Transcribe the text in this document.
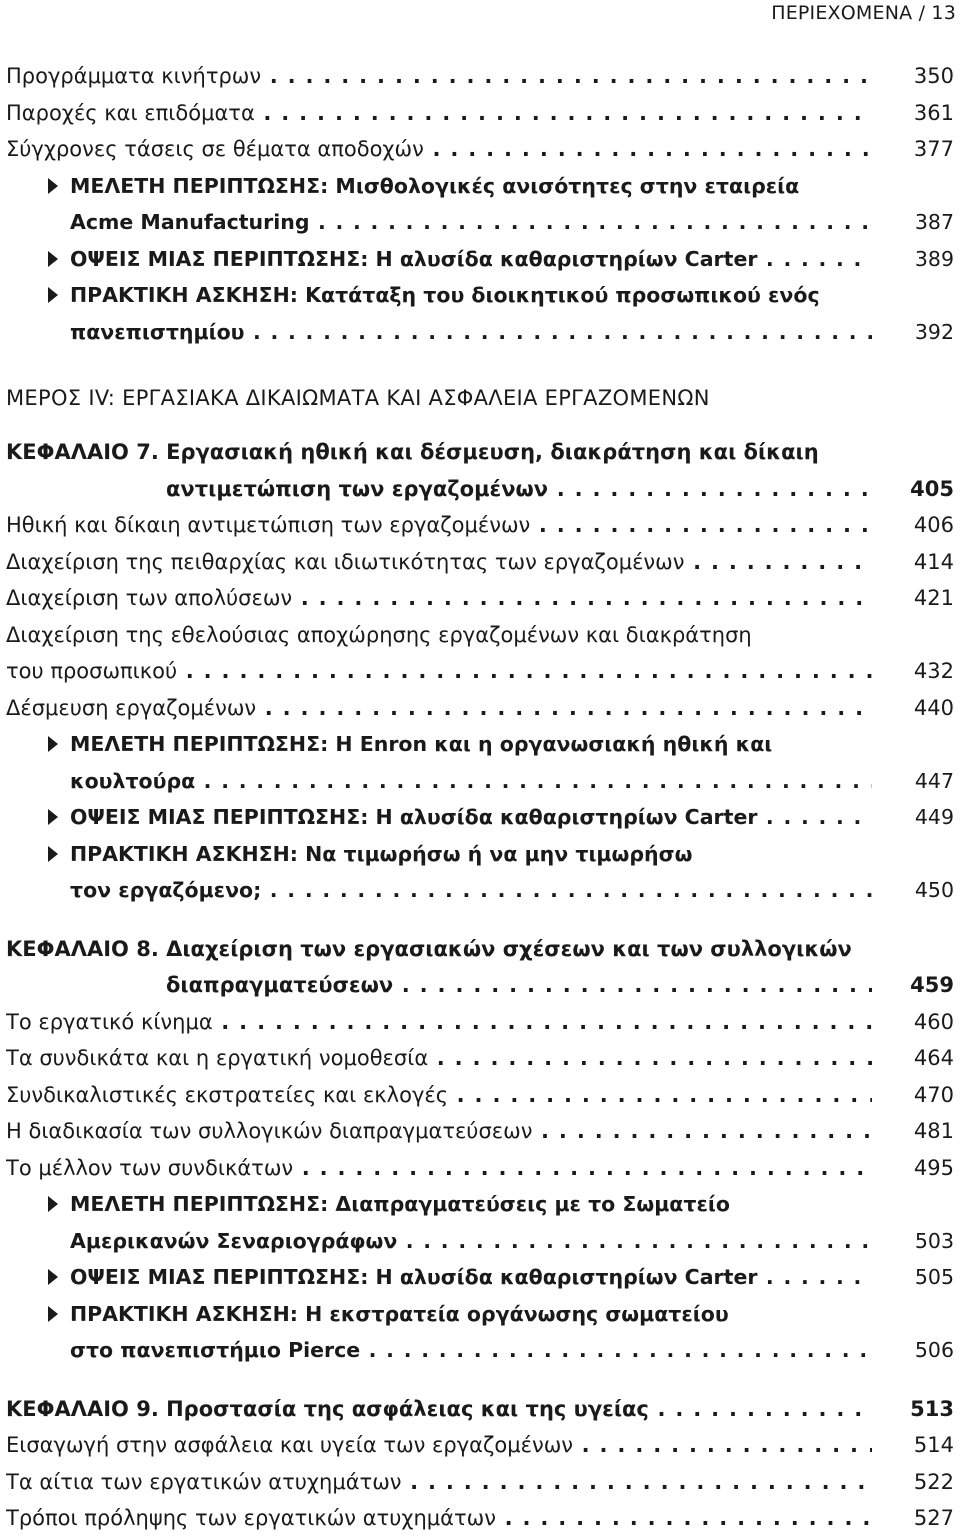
ΠΕΡΙΕΧΟΜΕΝΑ / 13
Προγράμματα κινήτρων . . .	350
Παροχές και επιδόματα . . .	361
Σύγχρονες τάσεις σε θέματα αποδοχών . . .	377
ΜΕΛΕΤΗ ΠΕΡΙΠΤΩΣΗΣ: Μισθολογικές ανισότητες στην εταιρεία
Acme Manufacturing . . .	387
ΟΨΕΙΣ ΜΙΑΣ ΠΕΡΙΠΤΩΣΗΣ: Η αλυσίδα καθαριστηρίων Carter . . .	389
ΠΡΑΚΤΙΚΗ ΑΣΚΗΣΗ: Κατάταξη του διοικητικού προσωπικού ενός
πανεπιστημίου . . .	392
ΜΕΡΟΣ IV: ΕΡΓΑΣΙΑΚΑ ΔΙΚΑΙΩΜΑΤΑ ΚΑΙ ΑΣΦΑΛΕΙΑ ΕΡΓΑΖΟΜΕΝΩΝ
ΚΕΦΑΛΑΙΟ 7. Εργασιακή ηθική και δέσμευση, διακράτηση και δίκαιη
αντιμετώπιση των εργαζομένων . . .	405
Ηθική και δίκαιη αντιμετώπιση των εργαζομένων . . .	406
Διαχείριση της πειθαρχίας και ιδιωτικότητας των εργαζομένων . . .	414
Διαχείριση των απολύσεων . . .	421
Διαχείριση της εθελούσιας αποχώρησης εργαζομένων και διακράτηση
του προσωπικού . . .	432
Δέσμευση εργαζομένων . . .	440
ΜΕΛΕΤΗ ΠΕΡΙΠΤΩΣΗΣ: Η Enron και η οργανωσιακή ηθική και
κουλτούρα . . .	447
ΟΨΕΙΣ ΜΙΑΣ ΠΕΡΙΠΤΩΣΗΣ: Η αλυσίδα καθαριστηρίων Carter . . .	449
ΠΡΑΚΤΙΚΗ ΑΣΚΗΣΗ: Να τιμωρήσω ή να μην τιμωρήσω
τον εργαζόμενο; . . .	450
ΚΕΦΑΛΑΙΟ 8. Διαχείριση των εργασιακών σχέσεων και των συλλογικών
διαπραγματεύσεων . . .	459
Το εργατικό κίνημα . . .	460
Τα συνδικάτα και η εργατική νομοθεσία . . .	464
Συνδικαλιστικές εκστρατείες και εκλογές . . .	470
Η διαδικασία των συλλογικών διαπραγματεύσεων . . .	481
Το μέλλον των συνδικάτων . . .	495
ΜΕΛΕΤΗ ΠΕΡΙΠΤΩΣΗΣ: Διαπραγματεύσεις με το Σωματείο
Αμερικανών Σεναριογράφων . . .	503
ΟΨΕΙΣ ΜΙΑΣ ΠΕΡΙΠΤΩΣΗΣ: Η αλυσίδα καθαριστηρίων Carter . . .	505
ΠΡΑΚΤΙΚΗ ΑΣΚΗΣΗ: Η εκστρατεία οργάνωσης σωματείου
στο πανεπιστήμιο Pierce . . .	506
ΚΕΦΑΛΑΙΟ 9. Προστασία της ασφάλειας και της υγείας . . .	513
Εισαγωγή στην ασφάλεια και υγεία των εργαζομένων . . .	514
Τα αίτια των εργατικών ατυχημάτων . . .	522
Τρόποι πρόληψης των εργατικών ατυχημάτων . . .	527
